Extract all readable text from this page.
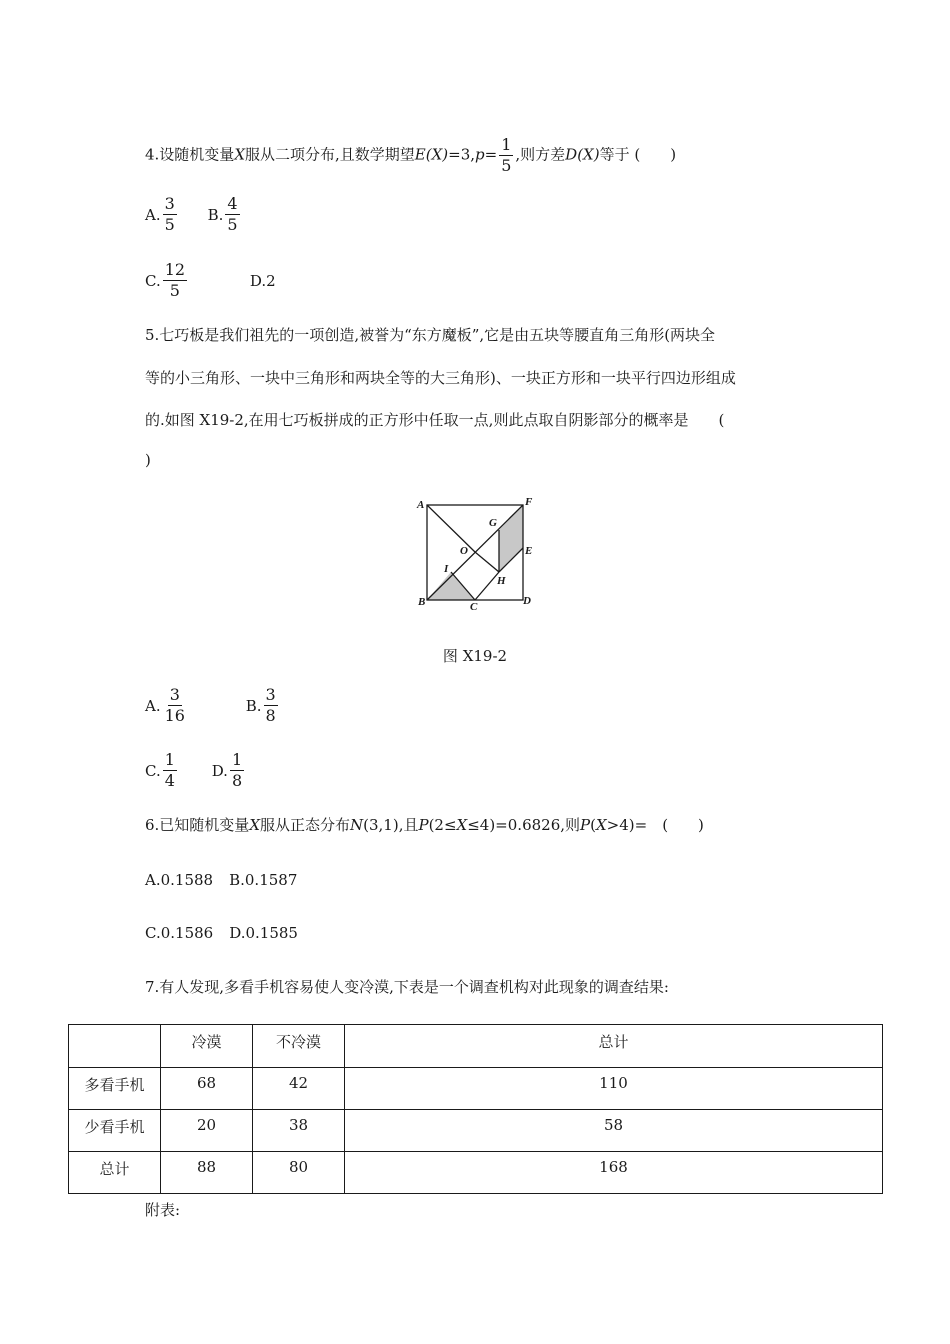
4.设随机变量X服从二项分布,且数学期望$E(X)=3,p= \frac{1}{5}$ ,则方差D(X)等于 (　　)
A. $\frac{3}{5}$
B. $\frac{4}{5}$
C. $\frac{12}{5}$
	D.2
5.七巧板是我们祖先的一项创造,被誉为“东方魔板”,它是由五块等腰直角三角形(两块全
等的小三角形、一块中三角形和两块全等的大三角形)、一块正方形和一块平行四边形组成
的.如图 X19-2,在用七巧板拼成的正方形中任取一点,则此点取自阴影部分的概率是　　(
)
A	F
G
O	E
I
H
B	C	D
图 X19-2
A. $\frac{3}{16}$
	B. $\frac{3}{8}$
C. $\frac{1}{4}$
D. $\frac{1}{8}$
6.已知随机变量X服从正态分布N(3,1),且P(2≤X≤4)=0.6826,则P(X>4)=　(　　)
A.0.1588 B.0.1587
C.0.1586 D.0.1585
7.有人发现,多看手机容易使人变冷漠,下表是一个调查机构对此现象的调查结果:
	冷漠	不冷漠	总计
多看手机	68	42	110
少看手机	20	38	58
总计	88	80	168
附表:
